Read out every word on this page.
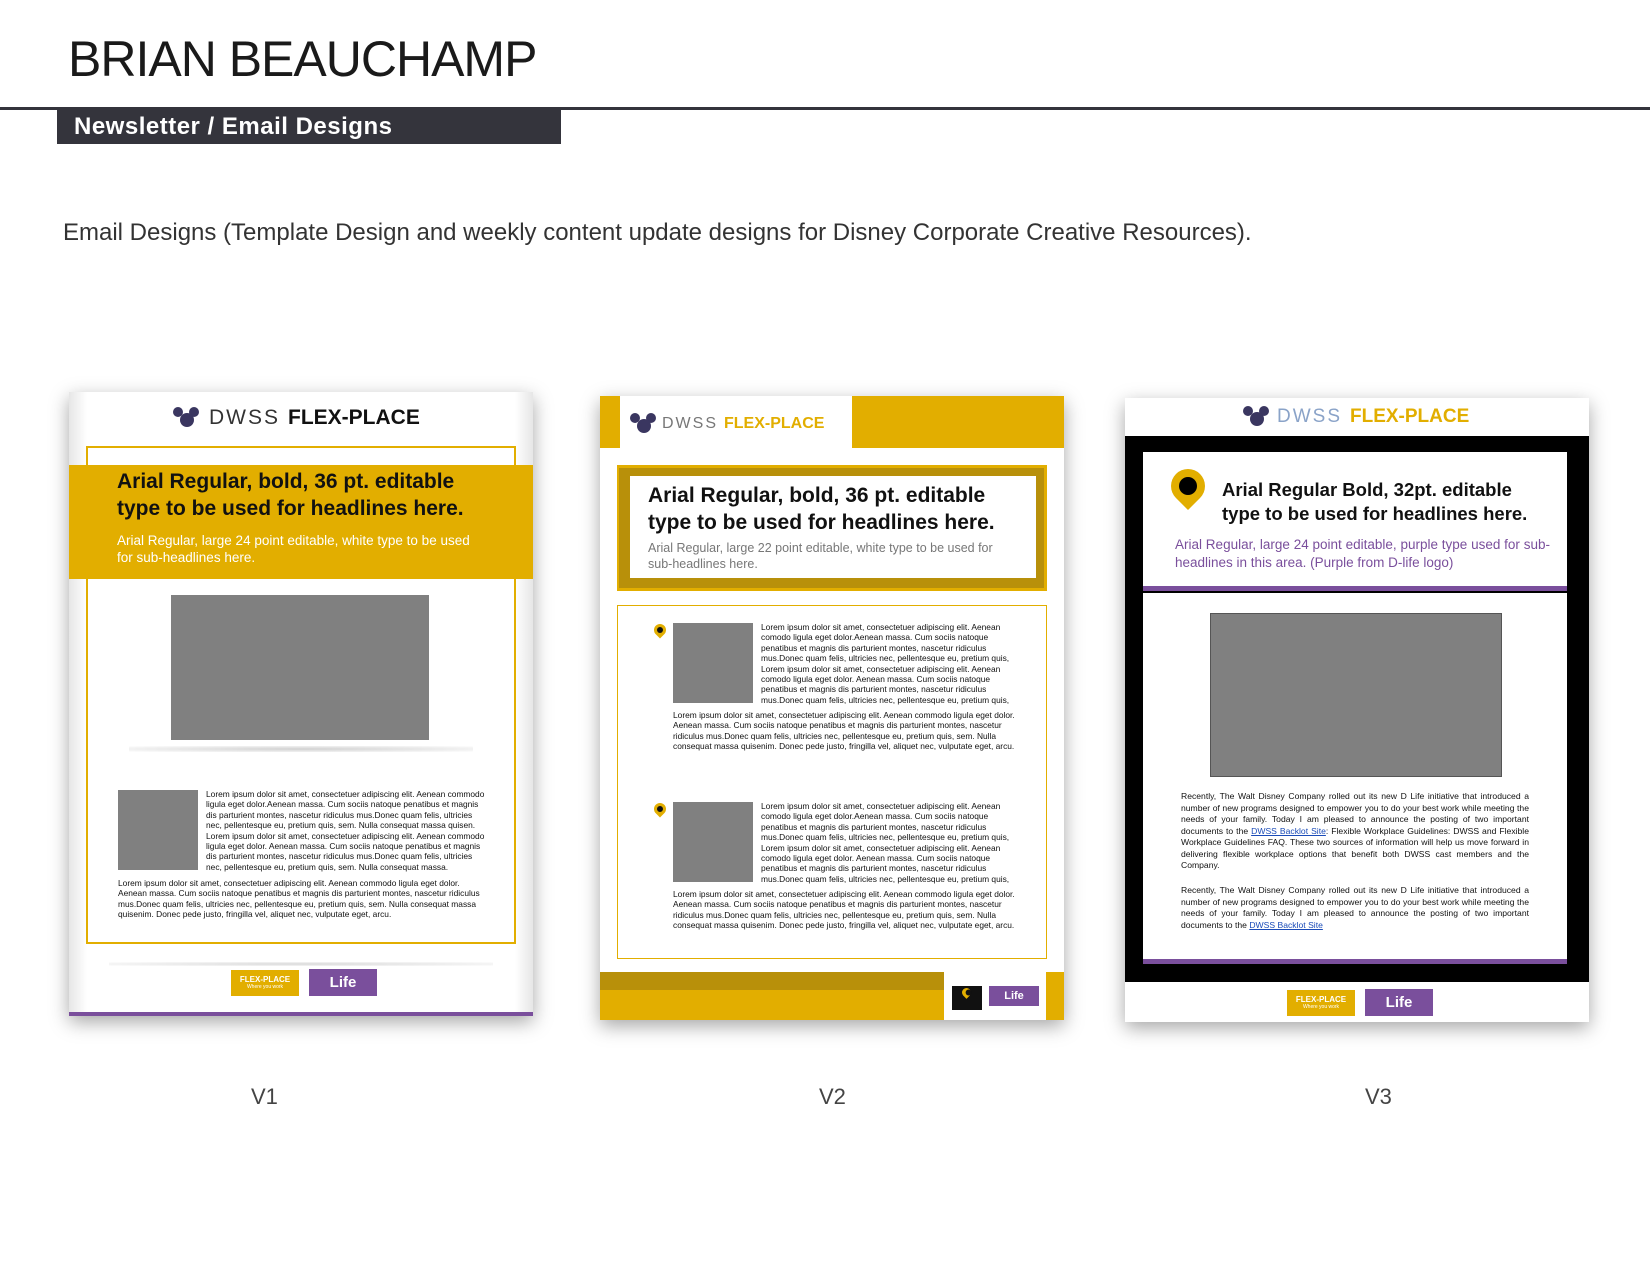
BRIAN BEAUCHAMP
Newsletter / Email Designs
Email Designs (Template Design and weekly content update designs for Disney Corporate Creative Resources).
DWSS FLEX-PLACE
Arial Regular, bold, 36 pt. editable type to be used for headlines here.
Arial Regular, large 24 point editable, white type to be used for sub-headlines here.
Lorem ipsum dolor sit amet, consectetuer adipiscing elit. Aenean commodo ligula eget dolor.Aenean massa. Cum sociis natoque penatibus et magnis dis parturient montes, nascetur ridiculus mus.Donec quam felis, ultricies nec, pellentesque eu, pretium quis, sem. Nulla consequat massa quisen. Lorem ipsum dolor sit amet, consectetuer adipiscing elit. Aenean commodo ligula eget dolor. Aenean massa. Cum sociis natoque penatibus et magnis dis parturient montes, nascetur ridiculus mus.Donec quam felis, ultricies nec, pellentesque eu, pretium quis, sem. Nulla consequat massa.
Lorem ipsum dolor sit amet, consectetuer adipiscing elit. Aenean commodo ligula eget dolor. Aenean massa. Cum sociis natoque penatibus et magnis dis parturient montes, nascetur ridiculus mus.Donec quam felis, ultricies nec, pellentesque eu, pretium quis, sem. Nulla consequat massa quisenim. Donec pede justo, fringilla vel, aliquet nec, vulputate eget, arcu.
FLEX-PLACE
Where you work	Life
V1
DWSS FLEX-PLACE
Arial Regular, bold, 36 pt. editable type to be used for headlines here.
Arial Regular, large 22 point editable, white type to be used for sub-headlines here.
Lorem ipsum dolor sit amet, consectetuer adipiscing elit. Aenean comodo ligula eget dolor.Aenean massa. Cum sociis natoque penatibus et magnis dis parturient montes, nascetur ridiculus mus.Donec quam felis, ultricies nec, pellentesque eu, pretium quis, Lorem ipsum dolor sit amet, consectetuer adipiscing elit. Aenean comodo ligula eget dolor. Aenean massa. Cum sociis natoque penatibus et magnis dis parturient montes, nascetur ridiculus mus.Donec quam felis, ultricies nec, pellentesque eu, pretium quis,
Lorem ipsum dolor sit amet, consectetuer adipiscing elit. Aenean commodo ligula eget dolor. Aenean massa. Cum sociis natoque penatibus et magnis dis parturient montes, nascetur ridiculus mus.Donec quam felis, ultricies nec, pellentesque eu, pretium quis, sem. Nulla consequat massa quisenim. Donec pede justo, fringilla vel, aliquet nec, vulputate eget, arcu.
Lorem ipsum dolor sit amet, consectetuer adipiscing elit. Aenean comodo ligula eget dolor.Aenean massa. Cum sociis natoque penatibus et magnis dis parturient montes, nascetur ridiculus mus.Donec quam felis, ultricies nec, pellentesque eu, pretium quis, Lorem ipsum dolor sit amet, consectetuer adipiscing elit. Aenean comodo ligula eget dolor. Aenean massa. Cum sociis natoque penatibus et magnis dis parturient montes, nascetur ridiculus mus.Donec quam felis, ultricies nec, pellentesque eu, pretium quis,
Lorem ipsum dolor sit amet, consectetuer adipiscing elit. Aenean commodo ligula eget dolor. Aenean massa. Cum sociis natoque penatibus et magnis dis parturient montes, nascetur ridiculus mus.Donec quam felis, ultricies nec, pellentesque eu, pretium quis, sem. Nulla consequat massa quisenim. Donec pede justo, fringilla vel, aliquet nec, vulputate eget, arcu.
Life
V2
DWSS FLEX-PLACE
Arial Regular Bold, 32pt. editable type to be used for headlines here.
Arial Regular, large 24 point editable, purple type used for sub-headlines in this area. (Purple from D-life logo)
Recently, The Walt Disney Company rolled out its new D Life initiative that introduced a number of new programs designed to empower you to do your best work while meeting the needs of your family. Today I am pleased to announce the posting of two important documents to the DWSS Backlot Site: Flexible Workplace Guidelines: DWSS and Flexible Workplace Guidelines FAQ. These two sources of information will help us move forward in delivering flexible workplace options that benefit both DWSS cast members and the Company.
Recently, The Walt Disney Company rolled out its new D Life initiative that introduced a number of new programs designed to empower you to do your best work while meeting the needs of your family. Today I am pleased to announce the posting of two important documents to the DWSS Backlot Site
FLEX-PLACE
Where you work	Life
V3
